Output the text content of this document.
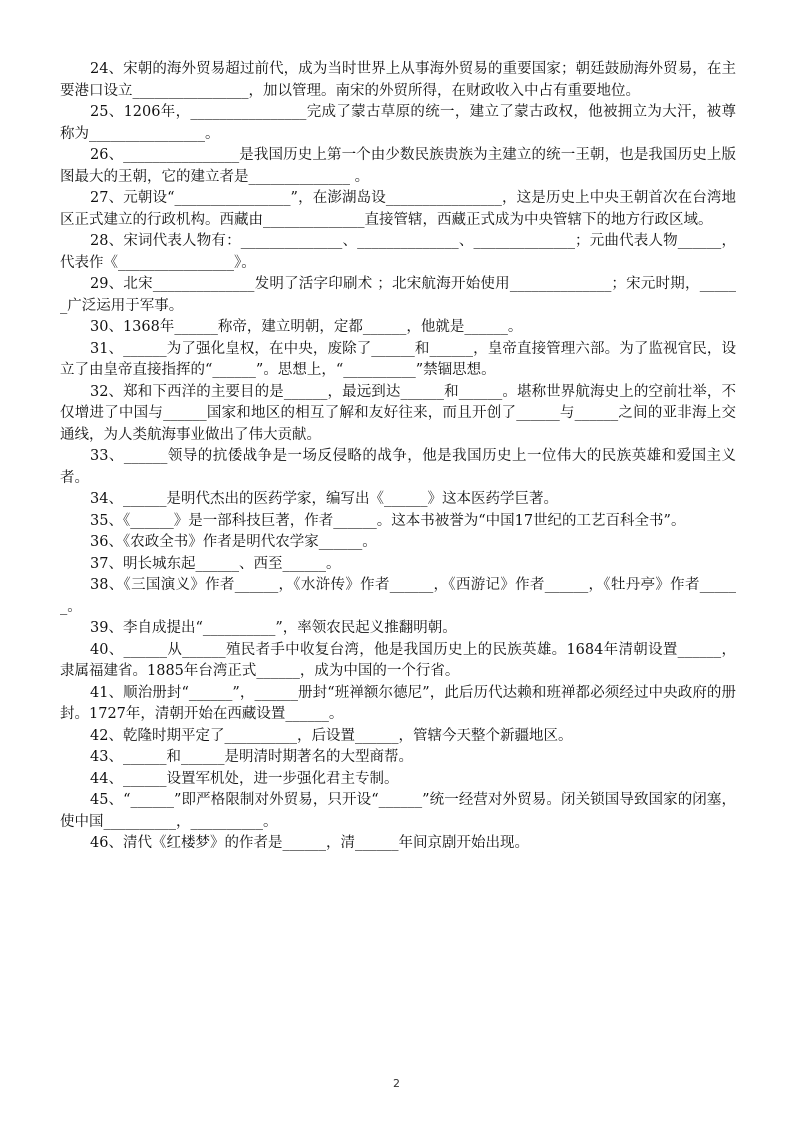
24、宋朝的海外贸易超过前代，成为当时世界上从事海外贸易的重要国家；朝廷鼓励海外贸易，在主要港口设立________________，加以管理。南宋的外贸所得，在财政收入中占有重要地位。

25、1206年，________________完成了蒙古草原的统一，建立了蒙古政权，他被拥立为大汗，被尊称为________________。

26、________________是我国历史上第一个由少数民族贵族为主建立的统一王朝，也是我国历史上版图最大的王朝，它的建立者是______________ 。

27、元朝设“________________”，在澎湖岛设________________，这是历史上中央王朝首次在台湾地区正式建立的行政机构。西藏由______________直接管辖，西藏正式成为中央管辖下的地方行政区域。

28、宋词代表人物有：______________、______________、______________；元曲代表人物______，代表作《________________》。

29、北宋______________发明了活字印刷术 ；北宋航海开始使用______________；宋元时期，______广泛运用于军事。

30、1368年______称帝，建立明朝，定都______，他就是______。

31、______为了强化皇权，在中央，废除了______和______，皇帝直接管理六部。为了监视官民，设立了由皇帝直接指挥的“______”。思想上，“__________”禁锢思想。

32、郑和下西洋的主要目的是______，最远到达______和______。堪称世界航海史上的空前壮举，不仅增进了中国与______国家和地区的相互了解和友好往来，而且开创了______与______之间的亚非海上交通线，为人类航海事业做出了伟大贡献。

33、______领导的抗倭战争是一场反侵略的战争，他是我国历史上一位伟大的民族英雄和爱国主义者。

34、______是明代杰出的医药学家，编写出《______》这本医药学巨著。

35、《______》是一部科技巨著，作者______。这本书被誉为“中国17世纪的工艺百科全书”。

36、《农政全书》作者是明代农学家______。

37、明长城东起______、西至______。

38、《三国演义》作者______，《水浒传》作者______，《西游记》作者______，《牡丹亭》作者______。

39、李自成提出“__________”，率领农民起义推翻明朝。

40、______从______殖民者手中收复台湾，他是我国历史上的民族英雄。1684年清朝设置______，隶属福建省。1885年台湾正式______，成为中国的一个行省。

41、顺治册封“______”，______册封“班禅额尔德尼”，此后历代达赖和班禅都必须经过中央政府的册封。1727年，清朝开始在西藏设置______。

42、乾隆时期平定了__________，后设置______，管辖今天整个新疆地区。

43、______和______是明清时期著名的大型商帮。

44、______设置军机处，进一步强化君主专制。

45、“______”即严格限制对外贸易，只开设“______”统一经营对外贸易。闭关锁国导致国家的闭塞，使中国__________，__________。

46、清代《红楼梦》的作者是______，清______年间京剧开始出现。

2
